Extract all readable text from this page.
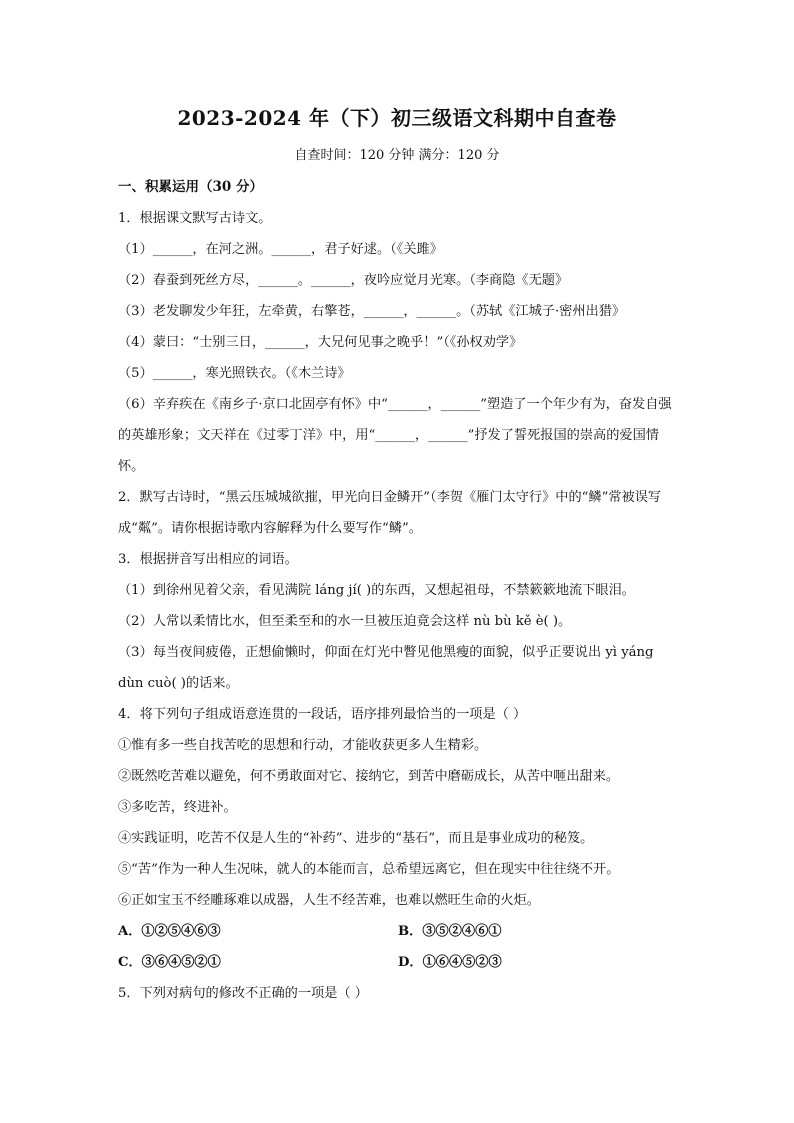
2023-2024 年（下）初三级语文科期中自查卷
自查时间：120 分钟 满分：120 分
一、积累运用（30 分）
1．根据课文默写古诗文。
（1）______，在河之洲。______，君子好逑。（《关雎》
（2）春蚕到死丝方尽，______。______，夜吟应觉月光寒。（李商隐《无题》
（3）老发聊发少年狂，左牵黄，右擎苍，______，______。（苏轼《江城子·密州出猎》
（4）蒙曰：“士别三日，______，大兄何见事之晚乎！”（《孙权劝学》
（5）______，寒光照铁衣。（《木兰诗》
（6）辛弃疾在《南乡子·京口北固亭有怀》中“______，______”塑造了一个年少有为，奋发自强的英雄形象；文天祥在《过零丁洋》中，用“______，______”抒发了誓死报国的崇高的爱国情怀。
2．默写古诗时，“黑云压城城欲摧，甲光向日金鳞开”（李贺《雁门太守行》中的“鳞”常被误写成“粼”。请你根据诗歌内容解释为什么要写作“鳞”。
3．根据拼音写出相应的词语。
（1）到徐州见着父亲，看见满院 láng jí( )的东西，又想起祖母，不禁簌簌地流下眼泪。
（2）人常以柔情比水，但至柔至和的水一旦被压迫竟会这样 nù bù kě è( )。
（3）每当夜间疲倦，正想偷懒时，仰面在灯光中瞥见他黑瘦的面貌，似乎正要说出 yì yáng dùn cuò( )的话来。
4．将下列句子组成语意连贯的一段话，语序排列最恰当的一项是（ ）
①惟有多一些自找苦吃的思想和行动，才能收获更多人生精彩。
②既然吃苦难以避免，何不勇敢面对它、接纳它，到苦中磨砺成长，从苦中咂出甜来。
③多吃苦，终进补。
④实践证明，吃苦不仅是人生的“补药”、进步的“基石”，而且是事业成功的秘笈。
⑤“苦”作为一种人生况味，就人的本能而言，总希望远离它，但在现实中往往绕不开。
⑥正如宝玉不经雕琢难以成器，人生不经苦难，也难以燃旺生命的火炬。
A．①②⑤④⑥③	B．③⑤②④⑥①
C．③⑥④⑤②①	D．①⑥④⑤②③
5．下列对病句的修改不正确的一项是（ ）
